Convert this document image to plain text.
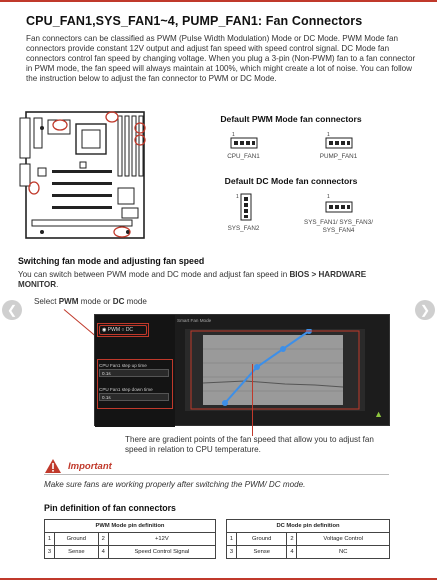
❮	❯
CPU_FAN1,SYS_FAN1~4, PUMP_FAN1: Fan Connectors
Fan connectors can be classified as PWM (Pulse Width Modulation) Mode or DC Mode. PWM Mode fan connectors provide constant 12V output and adjust fan speed with speed control signal. DC Mode fan connectors control fan speed by changing voltage. When you plug a 3-pin (Non-PWM) fan to a fan connector in PWM mode, the fan speed will always maintain at 100%, which might create a lot of noise. You can follow the instruction below to adjust the fan connector to PWM or DC Mode.
Default PWM Mode fan connectors
1
CPU_FAN1
1
PUMP_FAN1
Default DC Mode fan connectors
1
SYS_FAN2
1
SYS_FAN1/ SYS_FAN3/ SYS_FAN4
Switching fan mode and adjusting fan speed
You can switch between PWM mode and DC mode and adjust fan speed in BIOS > HARDWARE MONITOR.
Select PWM mode or DC mode
◉ PWM ○ DC
CPU Fan1 step up time
0.1s
CPU Fan1 step down time
0.1s
Smart Fan Mode
▲
There are gradient points of the fan speed that allow you to adjust fan speed in relation to CPU temperature.
Important
Make sure fans are working properly after switching the PWM/ DC mode.
Pin definition of fan connectors
PWM Mode pin definition			
1	Ground	2	+12V
3	Sense	4	Speed Control Signal
DC Mode pin definition			
1	Ground	2	Voltage Control
3	Sense	4	NC
